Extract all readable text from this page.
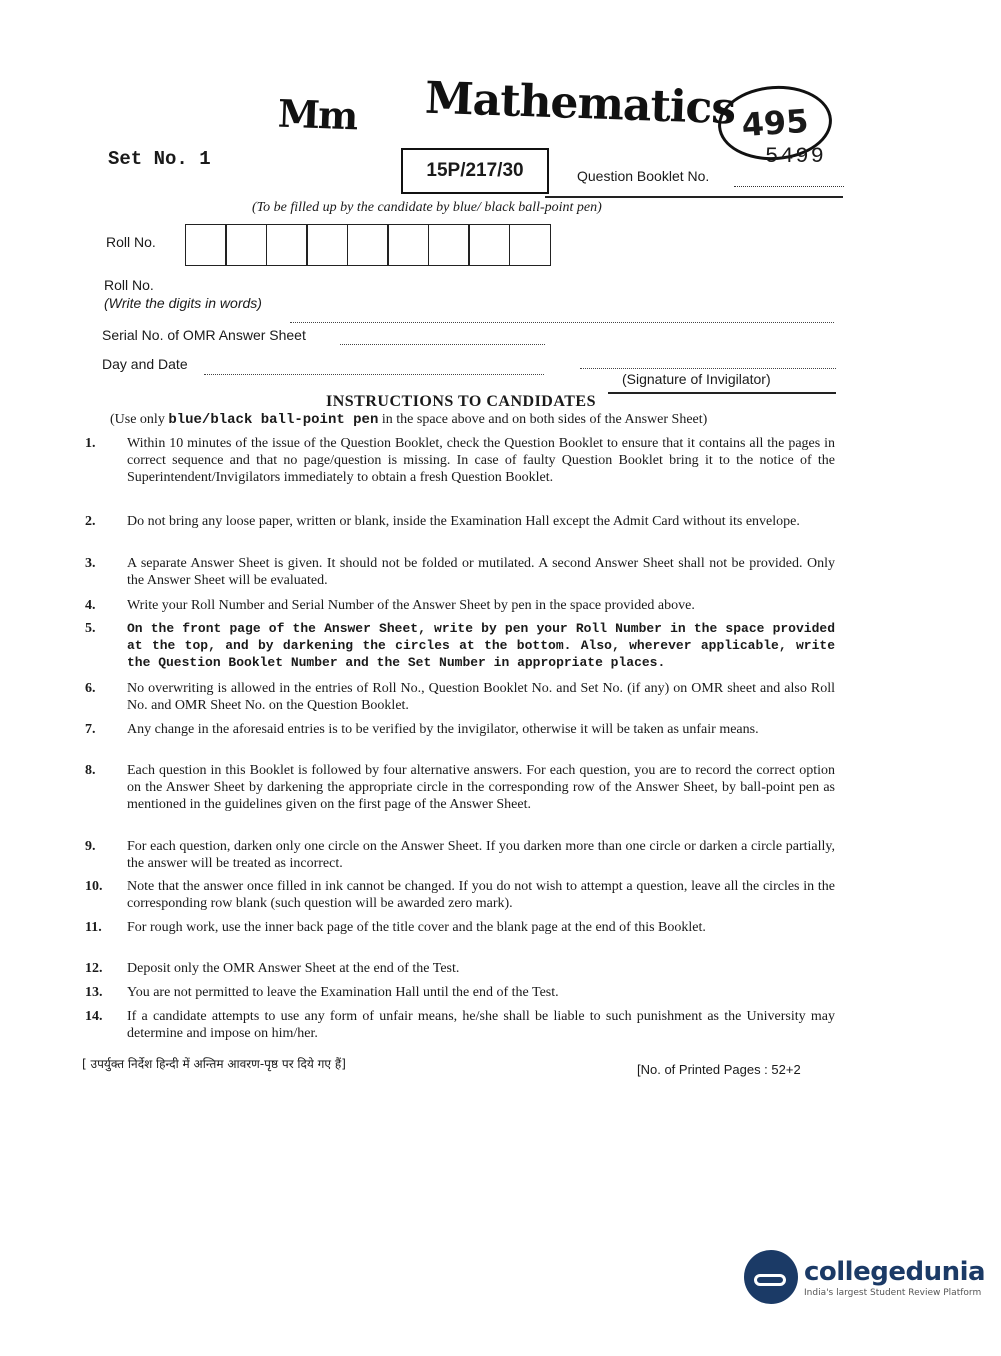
Mm Mathematics 495
5499
Set No. 1
15P/217/30	Question Booklet No.
(To be filled up by the candidate by blue/ black ball-point pen)
Roll No.
Roll No.
(Write the digits in words)
Serial No. of OMR Answer Sheet
Day and Date
(Signature of Invigilator)
INSTRUCTIONS TO CANDIDATES
(Use only blue/black ball-point pen in the space above and on both sides of the Answer Sheet)
1.	Within 10 minutes of the issue of the Question Booklet, check the Question Booklet to ensure that it contains all the pages in correct sequence and that no page/question is missing. In case of faulty Question Booklet bring it to the notice of the Superintendent/Invigilators immediately to obtain a fresh Question Booklet.
2.	Do not bring any loose paper, written or blank, inside the Examination Hall except the Admit Card without its envelope.
3.	A separate Answer Sheet is given. It should not be folded or mutilated. A second Answer Sheet shall not be provided. Only the Answer Sheet will be evaluated.
4.	Write your Roll Number and Serial Number of the Answer Sheet by pen in the space provided above.
5.	On the front page of the Answer Sheet, write by pen your Roll Number in the space provided at the top, and by darkening the circles at the bottom. Also, wherever applicable, write the Question Booklet Number and the Set Number in appropriate places.
6.	No overwriting is allowed in the entries of Roll No., Question Booklet No. and Set No. (if any) on OMR sheet and also Roll No. and OMR Sheet No. on the Question Booklet.
7.	Any change in the aforesaid entries is to be verified by the invigilator, otherwise it will be taken as unfair means.
8.	Each question in this Booklet is followed by four alternative answers. For each question, you are to record the correct option on the Answer Sheet by darkening the appropriate circle in the corresponding row of the Answer Sheet, by ball-point pen as mentioned in the guidelines given on the first page of the Answer Sheet.
9.	For each question, darken only one circle on the Answer Sheet. If you darken more than one circle or darken a circle partially, the answer will be treated as incorrect.
10.	Note that the answer once filled in ink cannot be changed. If you do not wish to attempt a question, leave all the circles in the corresponding row blank (such question will be awarded zero mark).
11.	For rough work, use the inner back page of the title cover and the blank page at the end of this Booklet.
12.	Deposit only the OMR Answer Sheet at the end of the Test.
13.	You are not permitted to leave the Examination Hall until the end of the Test.
14.	If a candidate attempts to use any form of unfair means, he/she shall be liable to such punishment as the University may determine and impose on him/her.
[ उपर्युक्त निर्देश हिन्दी में अन्तिम आवरण-पृष्ठ पर दिये गए हैं]	[No. of Printed Pages : 52+2
collegedunia
India's largest Student Review Platform
